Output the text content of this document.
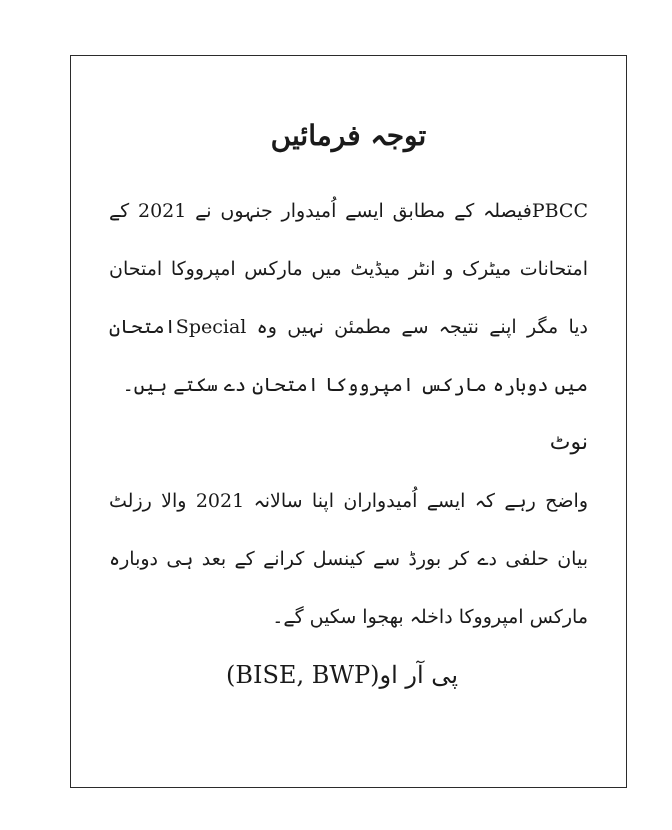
توجہ فرمائیں

PBCCفیصلہ کے مطابق ایسے اُمیدوار جنہوں نے 2021 کے امتحانات میٹرک و انٹر میڈیٹ میں مارکس امپرووکا امتحان دیا مگر اپنے نتیجہ سے مطمئن نہیں وہ Specialامتحان میں دوبارہ مارکس امپرووکا امتحان دے سکتے ہیں۔

نوٹ

واضح رہے کہ ایسے اُمیدواران اپنا سالانہ 2021 والا رزلٹ بیان حلفی دے کر بورڈ سے کینسل کرانے کے بعد ہی دوبارہ مارکس امپرووکا داخلہ بھجوا سکیں گے۔

پی آر او(BISE, BWP)
